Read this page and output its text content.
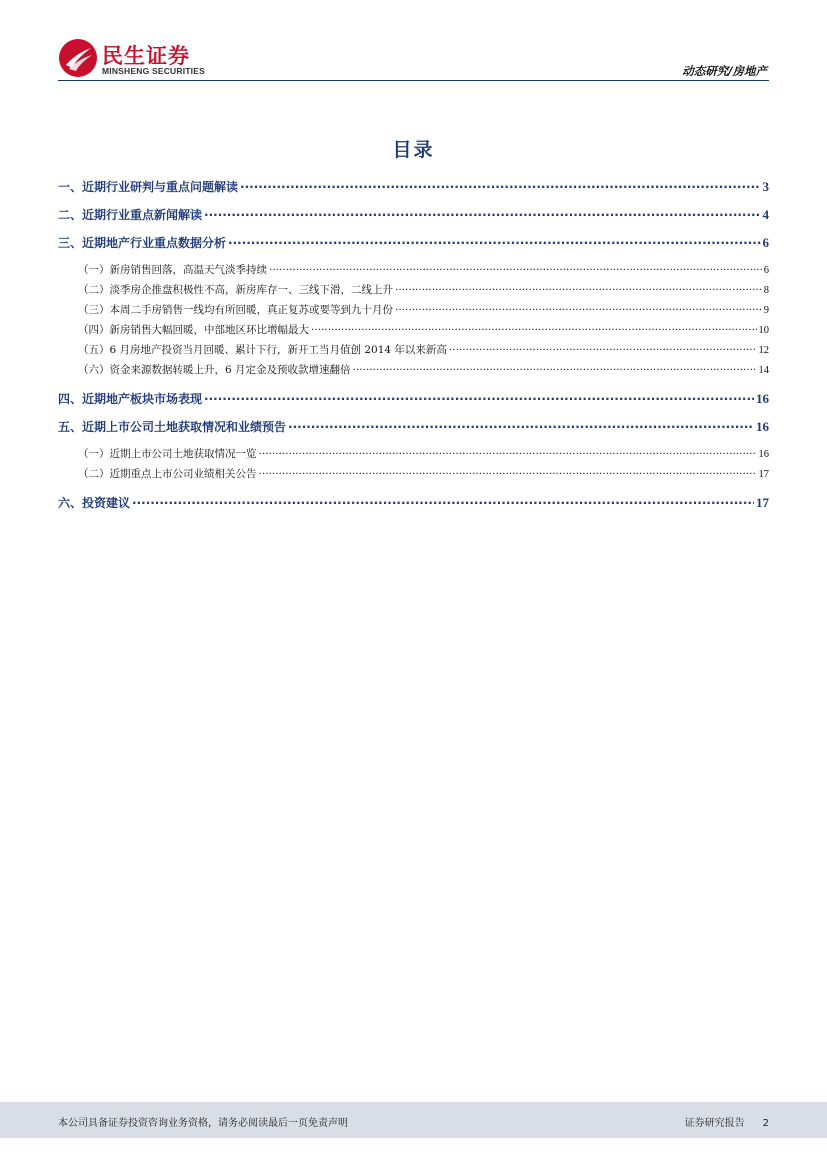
民生证券
MINSHENG SECURITIES	动态研究/房地产
目录
一、近期行业研判与重点问题解读 .....	3
二、近期行业重点新闻解读 .....	4
三、近期地产行业重点数据分析 .....	6
（一）新房销售回落，高温天气淡季持续 .....	6
（二）淡季房企推盘积极性不高，新房库存一、三线下滑，二线上升 .....	8
（三）本周二手房销售一线均有所回暖，真正复苏或要等到九十月份 .....	9
（四）新房销售大幅回暖，中部地区环比增幅最大 .....	10
（五）6 月房地产投资当月回暖、累计下行，新开工当月值创 2014 年以来新高 .....	12
（六）资金来源数据转暖上升，6 月定金及预收款增速翻倍 .....	14
四、近期地产板块市场表现 .....	16
五、近期上市公司土地获取情况和业绩预告 .....	16
（一）近期上市公司土地获取情况一览 .....	16
（二）近期重点上市公司业绩相关公告 .....	17
六、投资建议 .....	17
本公司具备证券投资咨询业务资格，请务必阅读最后一页免责声明	证券研究报告 2
